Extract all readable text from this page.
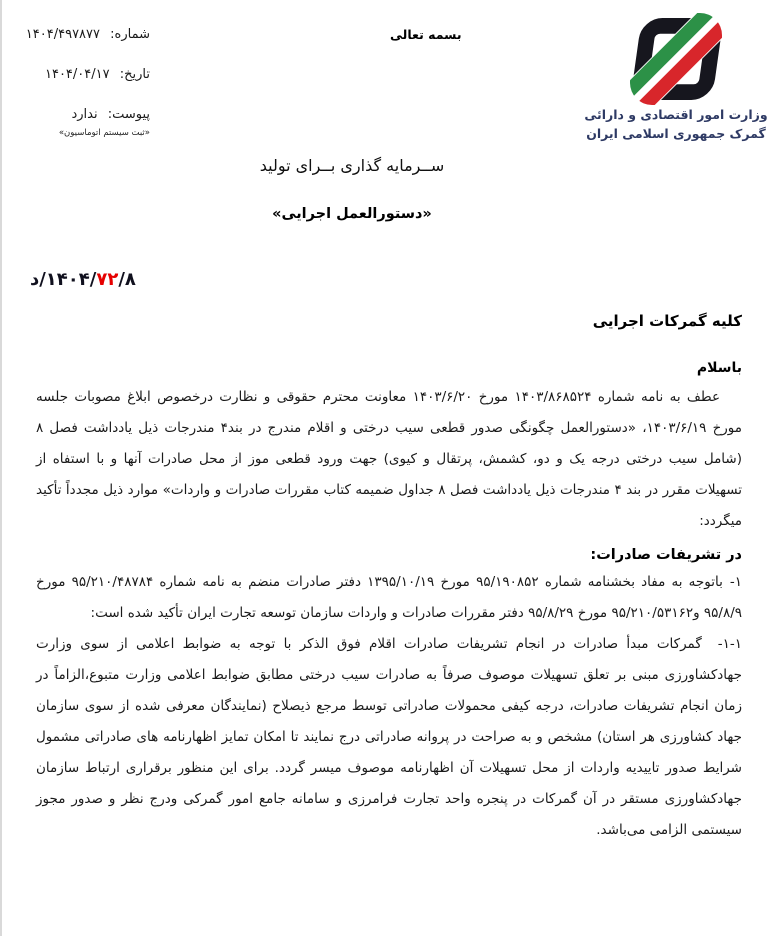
شماره: ۱۴۰۴/۴۹۷۸۷۷
تاریخ: ۱۴۰۴/۰۴/۱۷
پیوست: ندارد
«ثبت سیستم اتوماسیون»
بسمه تعالی
وزارت امور اقتصادی و دارائی
گمرک جمهوری اسلامی ایران
ســرمایه گذاری بــرای تولید
«دستورالعمل اجرایی»
د/۱۴۰۴/۷۲/۸
کلیه گمرکات اجرایی
باسلام

عطف به نامه شماره ۱۴۰۳/۸۶۸۵۲۴ مورخ ۱۴۰۳/۶/۲۰ معاونت محترم حقوقی و نظارت درخصوص ابلاغ مصوبات جلسه مورخ ۱۴۰۳/۶/۱۹، «دستورالعمل چگونگی صدور قطعی سیب درختی و اقلام مندرج در بند۴ مندرجات ذیل یادداشت فصل ۸ (شامل سیب درختی درجه یک و دو، کشمش، پرتقال و کیوی) جهت ورود قطعی موز از محل صادرات آنها و با استفاه از تسهیلات مقرر در بند ۴ مندرجات ذیل یادداشت فصل ۸ جداول ضمیمه کتاب مقررات صادرات و واردات» موارد ذیل مجدداً تأکید میگردد:

در تشریفات صادرات:

۱-باتوجه به مفاد بخشنامه شماره ۹۵/۱۹۰۸۵۲ مورخ ۱۳۹۵/۱۰/۱۹ دفتر صادرات منضم به نامه شماره ۹۵/۲۱۰/۴۸۷۸۴ مورخ ۹۵/۸/۹ و۹۵/۲۱۰/۵۳۱۶۲ مورخ ۹۵/۸/۲۹ دفتر مقررات صادرات و واردات سازمان توسعه تجارت ایران تأکید شده است:

۱-۱-گمرکات مبدأ صادرات در انجام تشریفات صادرات اقلام فوق الذکر با توجه به ضوابط اعلامی از سوی وزارت جهادکشاورزی مبنی بر تعلق تسهیلات موصوف صرفاً به صادرات سیب درختی مطابق ضوابط اعلامی وزارت متبوع،الزاماً در زمان انجام تشریفات صادرات، درجه کیفی محمولات صادراتی توسط مرجع ذیصلاح (نمایندگان معرفی شده از سوی سازمان جهاد کشاورزی هر استان) مشخص و به صراحت در پروانه صادراتی درج نمایند تا امکان تمایز اظهارنامه های صادراتی مشمول شرایط صدور تاییدیه واردات از محل تسهیلات آن اظهارنامه موصوف میسر گردد. برای این منظور برقراری ارتباط سازمان جهادکشاورزی مستقر در آن گمرکات در پنجره واحد تجارت فرامرزی و سامانه جامع امور گمرکی ودرج نظر و صدور مجوز سیستمی الزامی می‌باشد.
